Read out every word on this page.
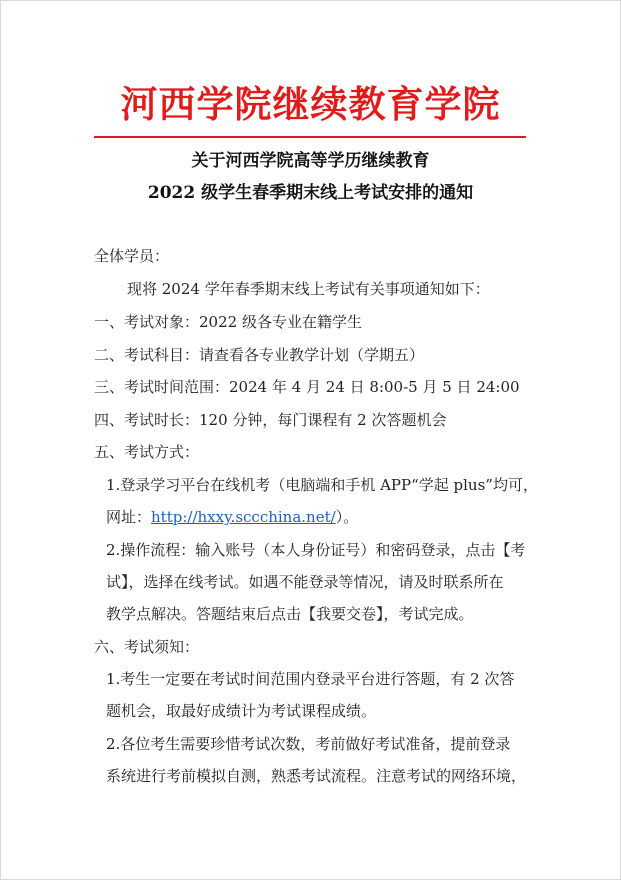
河西学院继续教育学院
关于河西学院高等学历继续教育
2022 级学生春季期末线上考试安排的通知
全体学员：
现将 2024 学年春季期末线上考试有关事项通知如下：
一、考试对象：2022 级各专业在籍学生
二、考试科目：请查看各专业教学计划（学期五）
三、考试时间范围：2024 年 4 月 24 日 8:00-5 月 5 日 24:00
四、考试时长：120 分钟，每门课程有 2 次答题机会
五、考试方式：
1.登录学习平台在线机考（电脑端和手机 APP“学起 plus”均可，
网址：http://hxxy.sccchina.net/）。
2.操作流程：输入账号（本人身份证号）和密码登录，点击【考
试】，选择在线考试。如遇不能登录等情况，请及时联系所在
教学点解决。答题结束后点击【我要交卷】，考试完成。
六、考试须知：
1.考生一定要在考试时间范围内登录平台进行答题，有 2 次答
题机会，取最好成绩计为考试课程成绩。
2.各位考生需要珍惜考试次数，考前做好考试准备，提前登录
系统进行考前模拟自测，熟悉考试流程。注意考试的网络环境，
